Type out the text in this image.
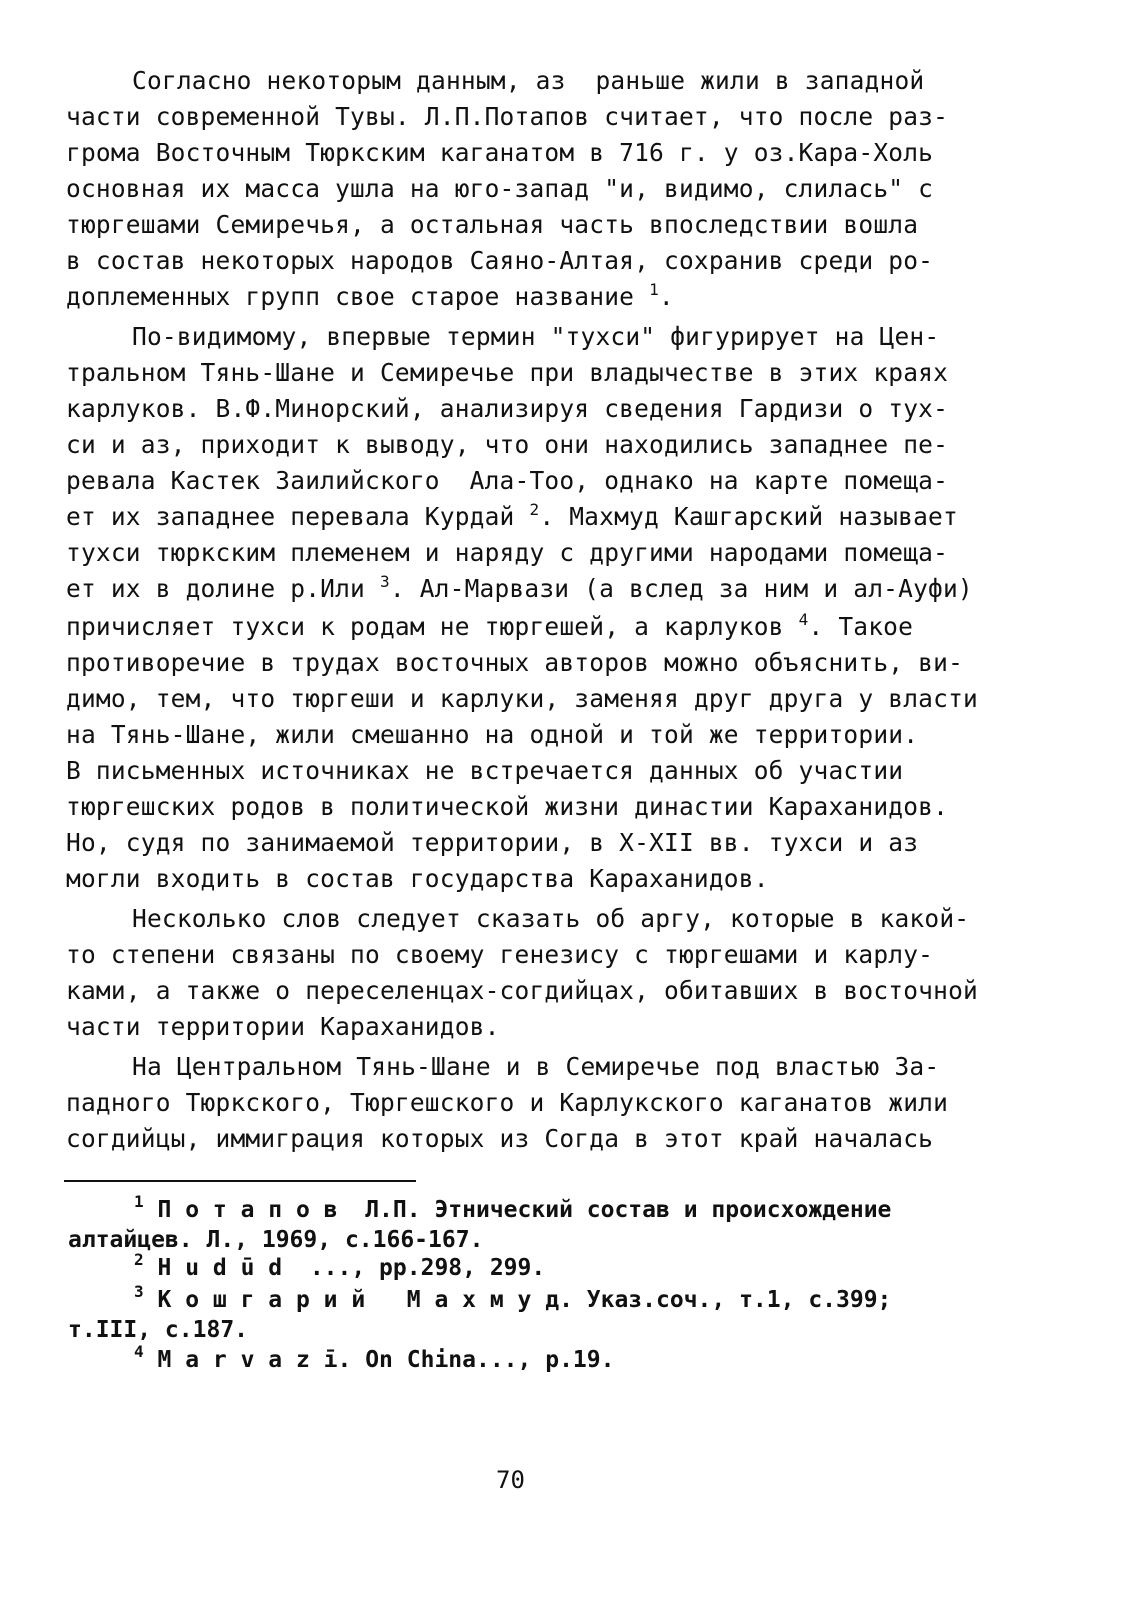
Согласно некоторым данным, аз  раньше жили в западной
части современной Тувы. Л.П.Потапов считает, что после раз-
грома Восточным Тюркским каганатом в 716 г. у оз.Кара-Холь
основная их масса ушла на юго-запад "и, видимо, слилась" с
тюргешами Семиречья, а остальная часть впоследствии вошла
в состав некоторых народов Саяно-Алтая, сохранив среди ро-
доплеменных групп свое старое название $^1$.
По-видимому, впервые термин "тухси" фигурирует на Цен-
тральном Тянь-Шане и Семиречье при владычестве в этих краях
карлуков. В.Ф.Минорский, анализируя сведения Гардизи о тух-
си и аз, приходит к выводу, что они находились западнее пе-
ревала Кастек Заилийского  Ала-Тоо, однако на карте помеща-
ет их западнее перевала Курдай $^2$. Махмуд Кашгарский называет
тухси тюркским племенем и наряду с другими народами помеща-
ет их в долине р.Или $^3$. Ал-Марвази (а вслед за ним и ал-Ауфи)
причисляет тухси к родам не тюргешей, а карлуков $^4$. Такое
противоречие в трудах восточных авторов можно объяснить, ви-
димо, тем, что тюргеши и карлуки, заменяя друг друга у власти
на Тянь-Шане, жили смешанно на одной и той же территории.
В письменных источниках не встречается данных об участии
тюргешских родов в политической жизни династии Караханидов.
Но, судя по занимаемой территории, в X-XII вв. тухси и аз
могли входить в состав государства Караханидов.
Несколько слов следует сказать об аргу, которые в какой-
то степени связаны по своему генезису с тюргешами и карлу-
ками, а также о переселенцах-согдийцах, обитавших в восточной
части территории Караханидов.
На Центральном Тянь-Шане и в Семиречье под властью За-
падного Тюркского, Тюргешского и Карлукского каганатов жили
согдийцы, иммиграция которых из Согда в этот край началась
$^1$ П о т а п о в  Л.П. Этнический состав и происхождение
алтайцев. Л., 1969, с.166-167.
$^2$ H u d ū d  ..., pp.298, 299.
$^3$ К о ш г а р и й   М а х м у д. Указ.соч., т.1, с.399;
т.III, с.187.
$^4$ M a r v a z ī. On China..., p.19.
70
